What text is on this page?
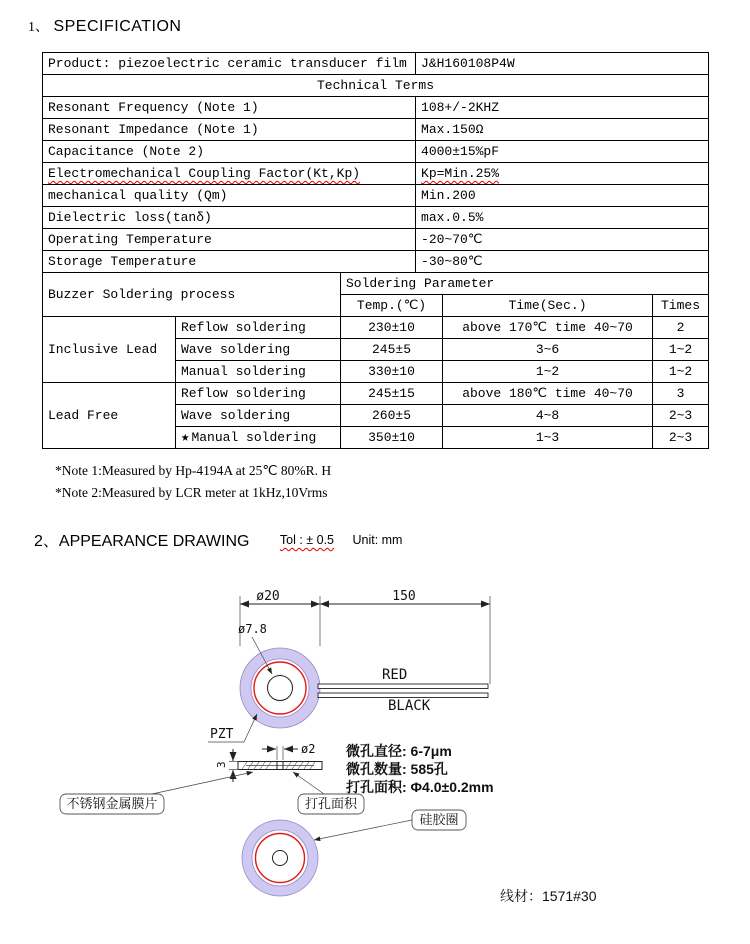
1、 SPECIFICATION
Product: piezoelectric ceramic transducer film			J&H160108P4W		
Technical Terms					
Resonant Frequency (Note 1)			108+/-2KHZ		
Resonant Impedance (Note 1)			Max.150Ω		
Capacitance (Note 2)			4000±15%pF		
Electromechanical Coupling Factor(Kt,Kp)			Kp=Min.25%		
mechanical quality (Qm)			Min.200		
Dielectric loss(tanδ)			max.0.5%		
Operating Temperature			-20~70℃		
Storage Temperature			-30~80℃		
Buzzer Soldering process		Soldering Parameter			
		Temp.(℃)		Time(Sec.)	Times
Inclusive Lead	Reflow soldering	230±10		above 170℃ time 40~70	2
	Wave soldering	245±5		3~6	1~2
	Manual soldering	330±10		1~2	1~2
Lead Free	Reflow soldering	245±15		above 180℃ time 40~70	3
	Wave soldering	260±5		4~8	2~3
	★ Manual soldering	350±10		1~3	2~3
*Note 1:Measured by Hp-4194A at 25℃ 80%R. H
*Note 2:Measured by LCR meter at 1kHz,10Vrms
2、APPEARANCE DRAWING Tol : ± 0.5 Unit: mm
ø20	150
ø7.8
RED
BLACK
PZT
ø2
3
微孔直径: 6-7μm
微孔数量: 585孔
打孔面积: Φ4.0±0.2mm
不锈钢金属膜片	打孔面积
硅胶圈
线材：1571#30
